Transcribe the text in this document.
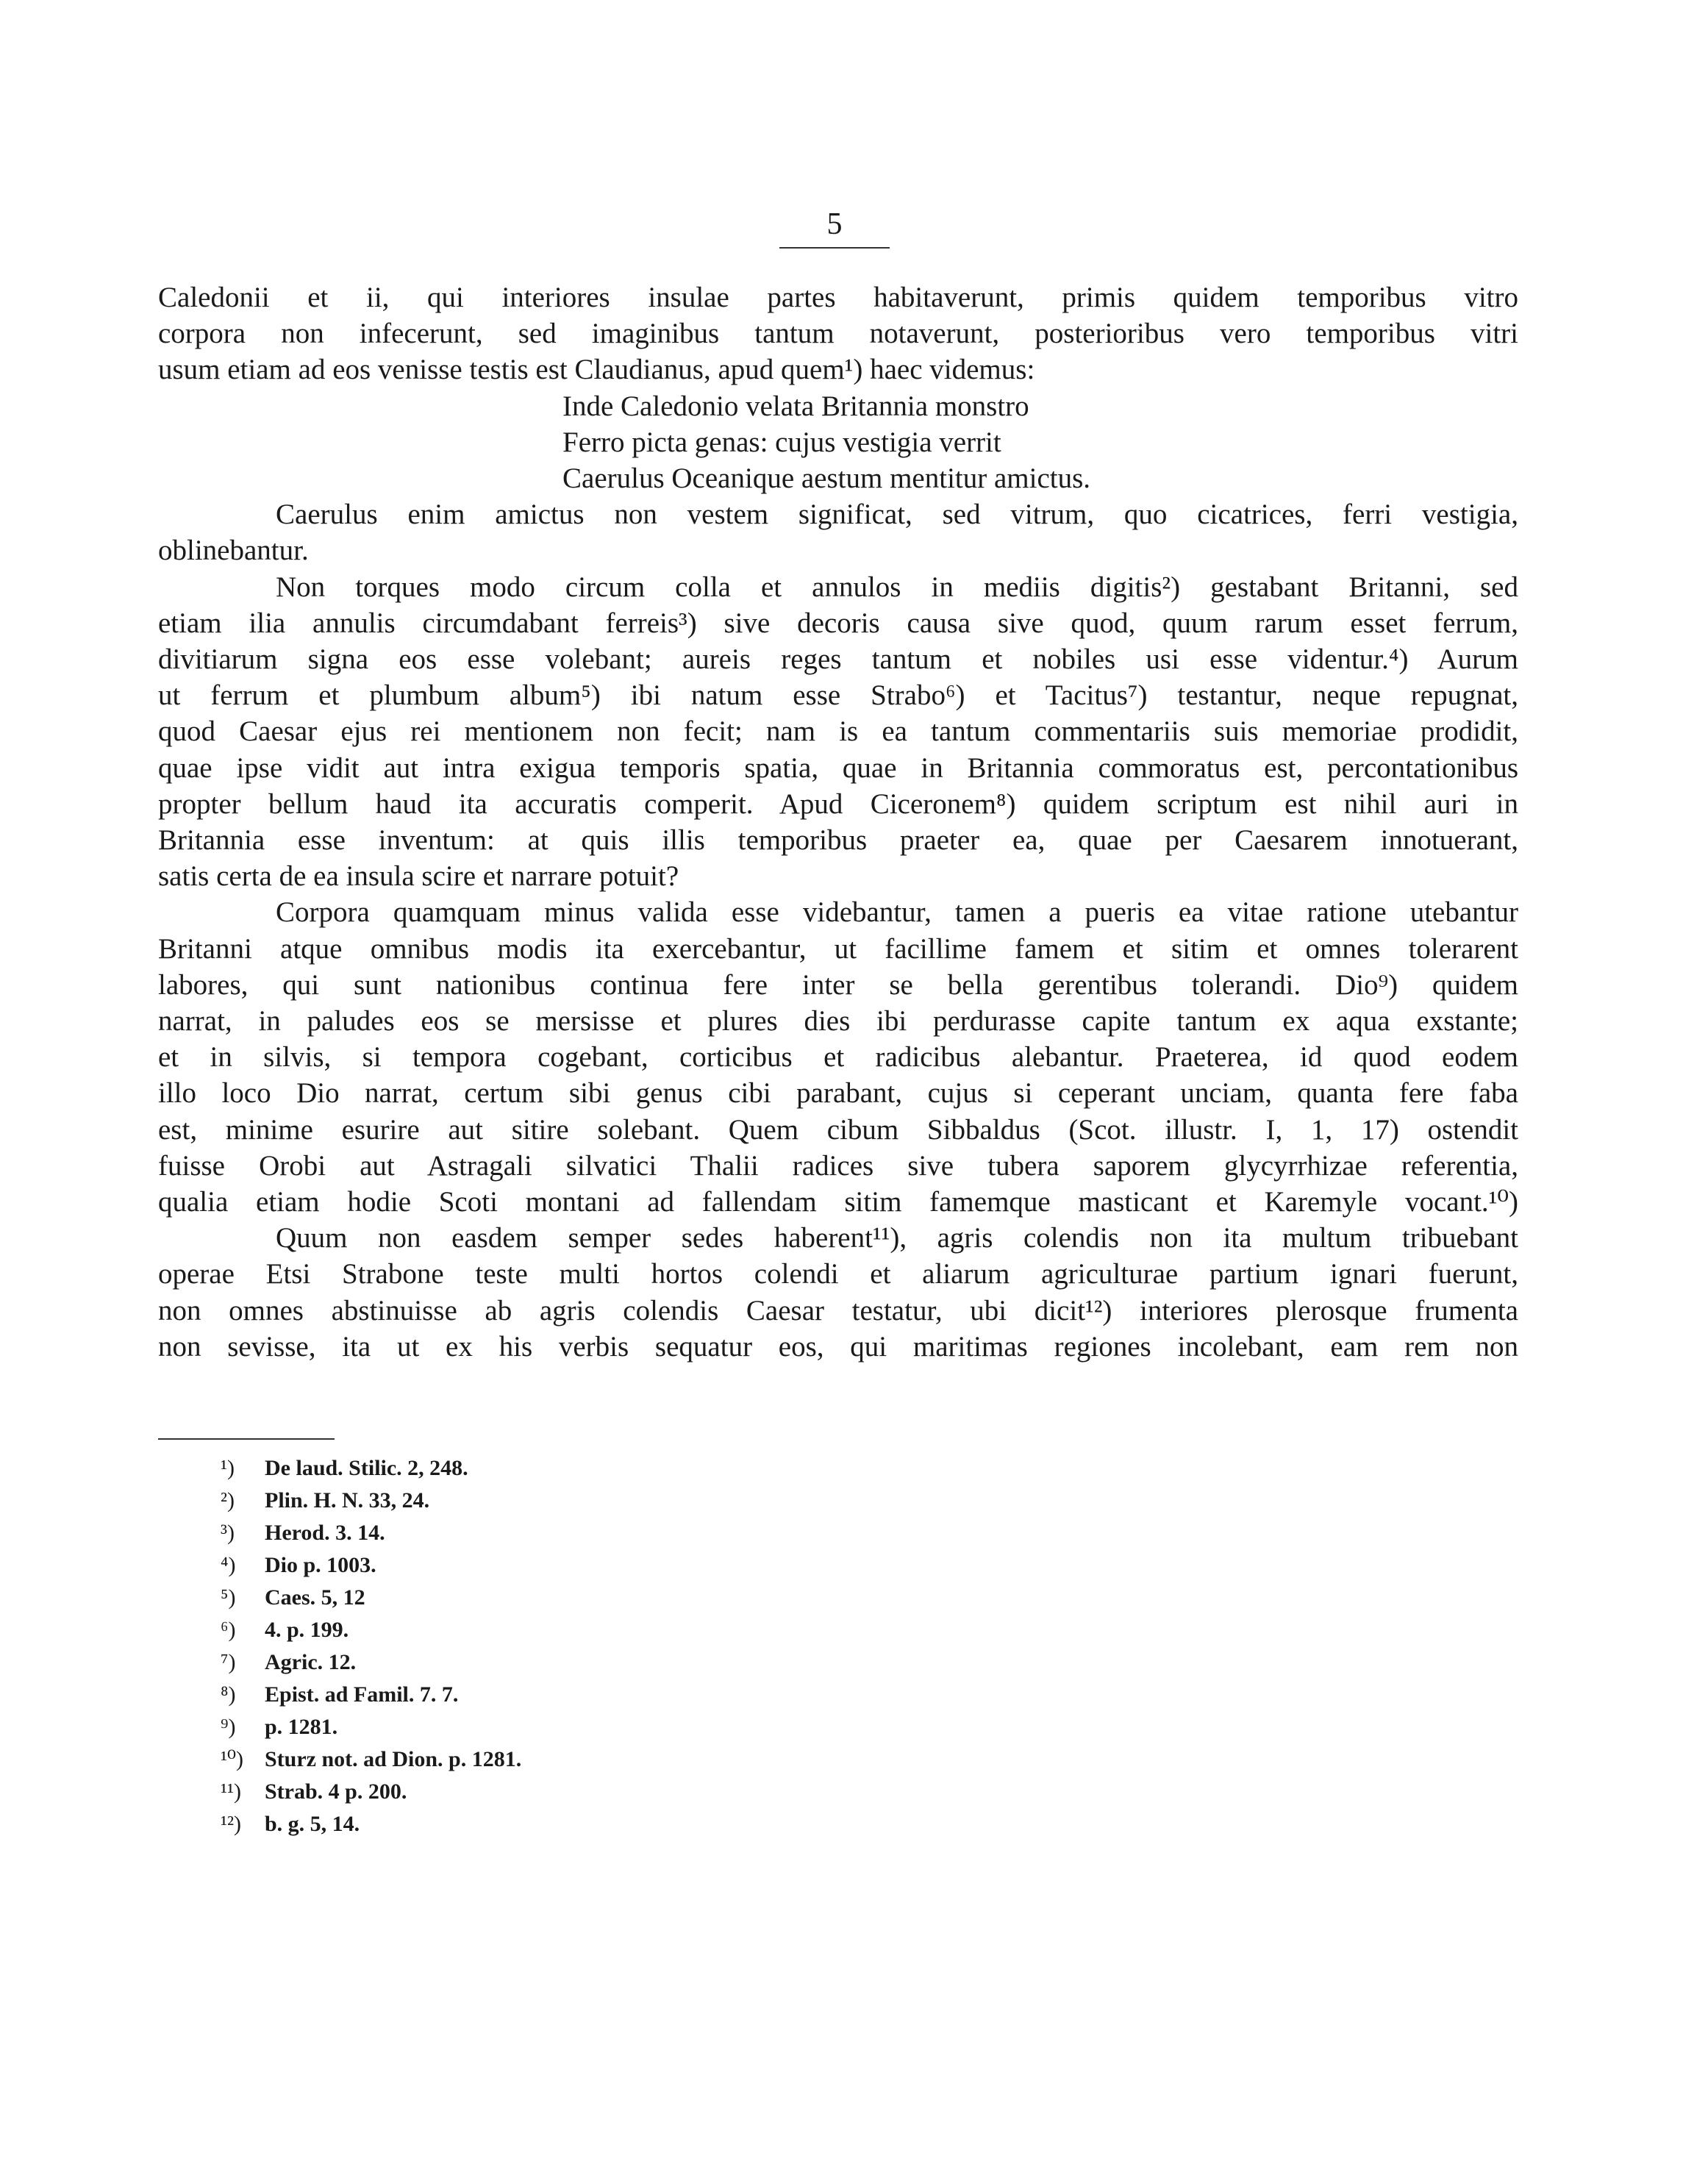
5
Caledonii et ii, qui interiores insulae partes habitaverunt, primis quidem temporibus vitro
corpora non infecerunt, sed imaginibus tantum notaverunt, posterioribus vero temporibus vitri
usum etiam ad eos venisse testis est Claudianus, apud quem¹) haec videmus:
Inde Caledonio velata Britannia monstro
Ferro picta genas: cujus vestigia verrit
Caerulus Oceanique aestum mentitur amictus.
Caerulus enim amictus non vestem significat, sed vitrum, quo cicatrices, ferri vestigia,
oblinebantur.
Non torques modo circum colla et annulos in mediis digitis²) gestabant Britanni, sed
etiam ilia annulis circumdabant ferreis³) sive decoris causa sive quod, quum rarum esset ferrum,
divitiarum signa eos esse volebant; aureis reges tantum et nobiles usi esse videntur.⁴) Aurum
ut ferrum et plumbum album⁵) ibi natum esse Strabo⁶) et Tacitus⁷) testantur, neque repugnat,
quod Caesar ejus rei mentionem non fecit; nam is ea tantum commentariis suis memoriae prodidit,
quae ipse vidit aut intra exigua temporis spatia, quae in Britannia commoratus est, percontationibus
propter bellum haud ita accuratis comperit. Apud Ciceronem⁸) quidem scriptum est nihil auri in
Britannia esse inventum: at quis illis temporibus praeter ea, quae per Caesarem innotuerant,
satis certa de ea insula scire et narrare potuit?
Corpora quamquam minus valida esse videbantur, tamen a pueris ea vitae ratione utebantur
Britanni atque omnibus modis ita exercebantur, ut facillime famem et sitim et omnes tolerarent
labores, qui sunt nationibus continua fere inter se bella gerentibus tolerandi. Dio⁹) quidem
narrat, in paludes eos se mersisse et plures dies ibi perdurasse capite tantum ex aqua exstante;
et in silvis, si tempora cogebant, corticibus et radicibus alebantur. Praeterea, id quod eodem
illo loco Dio narrat, certum sibi genus cibi parabant, cujus si ceperant unciam, quanta fere faba
est, minime esurire aut sitire solebant. Quem cibum Sibbaldus (Scot. illustr. I, 1, 17) ostendit
fuisse Orobi aut Astragali silvatici Thalii radices sive tubera saporem glycyrrhizae referentia,
qualia etiam hodie Scoti montani ad fallendam sitim famemque masticant et Karemyle vocant.¹⁰)
Quum non easdem semper sedes haberent¹¹), agris colendis non ita multum tribuebant
operae Etsi Strabone teste multi hortos colendi et aliarum agriculturae partium ignari fuerunt,
non omnes abstinuisse ab agris colendis Caesar testatur, ubi dicit¹²) interiores plerosque frumenta
non sevisse, ita ut ex his verbis sequatur eos, qui maritimas regiones incolebant, eam rem non
¹) De laud. Stilic. 2, 248.
²) Plin. H. N. 33, 24.
³) Herod. 3. 14.
⁴) Dio p. 1003.
⁵) Caes. 5, 12
⁶) 4. p. 199.
⁷) Agric. 12.
⁸) Epist. ad Famil. 7. 7.
⁹) p. 1281.
¹⁰) Sturz not. ad Dion. p. 1281.
¹¹) Strab. 4 p. 200.
¹²) b. g. 5, 14.
